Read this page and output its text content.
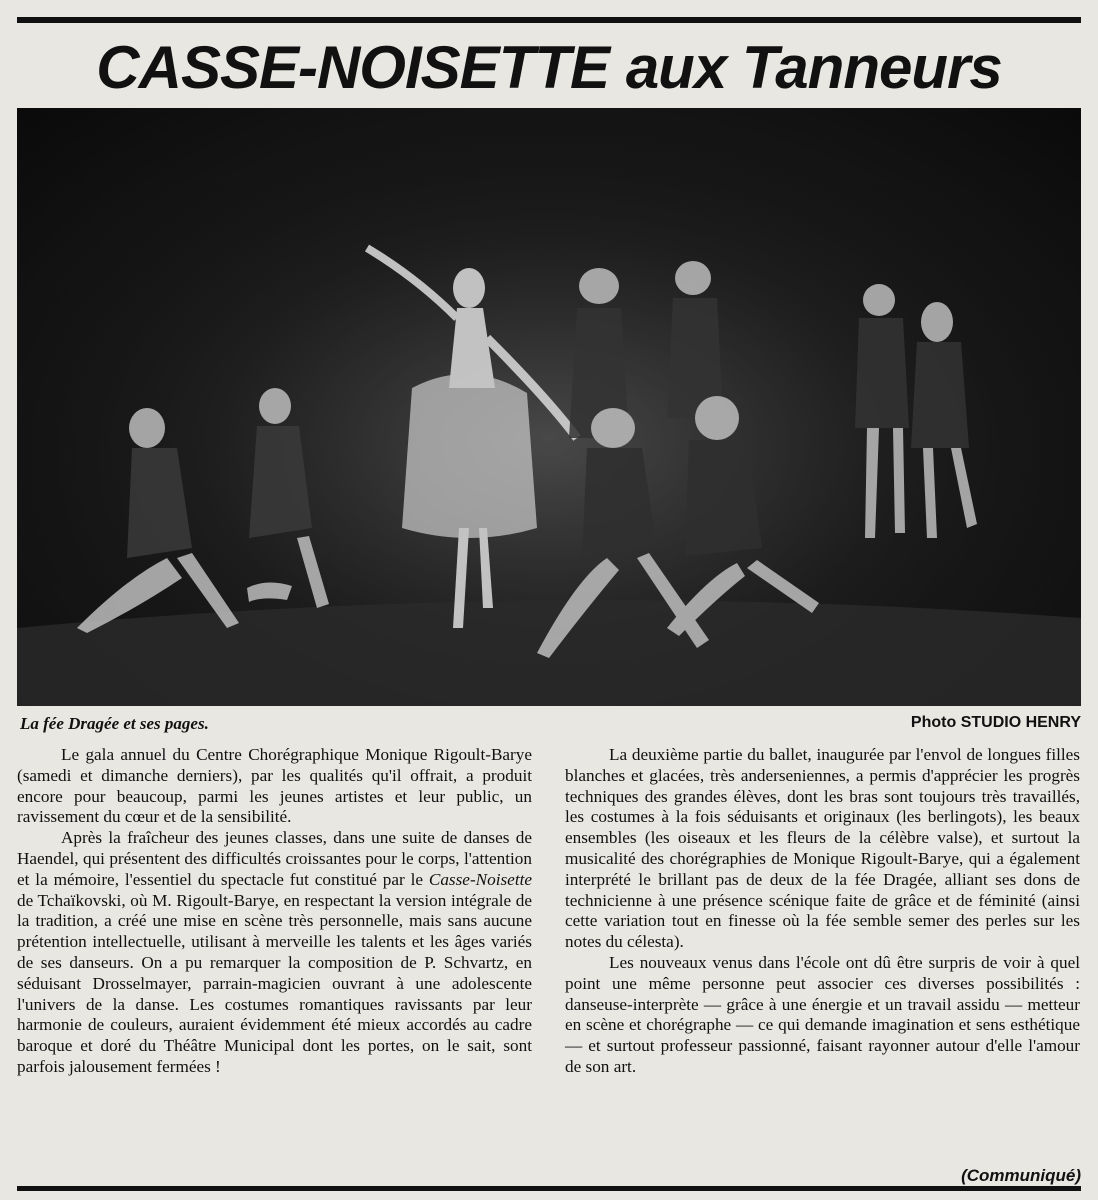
CASSE-NOISETTE aux Tanneurs
La fée Dragée et ses pages.	Photo STUDIO HENRY

Le gala annuel du Centre Chorégraphique Monique Rigoult-Barye (samedi et dimanche derniers), par les qualités qu'il offrait, a produit encore pour beaucoup, parmi les jeunes artistes et leur public, un ravissement du cœur et de la sensibilité.

Après la fraîcheur des jeunes classes, dans une suite de danses de Haendel, qui présentent des difficultés croissantes pour le corps, l'attention et la mémoire, l'essentiel du spectacle fut constitué par le Casse-Noisette de Tchaïkovski, où M. Rigoult-Barye, en respectant la version intégrale de la tradition, a créé une mise en scène très personnelle, mais sans aucune prétention intellectuelle, utilisant à merveille les talents et les âges variés de ses danseurs. On a pu remarquer la composition de P. Schvartz, en séduisant Drosselmayer, parrain-magicien ouvrant à une adolescente l'univers de la danse. Les costumes romantiques ravissants par leur harmonie de couleurs, auraient évidemment été mieux accordés au cadre baroque et doré du Théâtre Municipal dont les portes, on le sait, sont parfois jalousement fermées !

La deuxième partie du ballet, inaugurée par l'envol de longues filles blanches et glacées, très anderseniennes, a permis d'apprécier les progrès techniques des grandes élèves, dont les bras sont toujours très travaillés, les costumes à la fois séduisants et originaux (les berlingots), les beaux ensembles (les oiseaux et les fleurs de la célèbre valse), et surtout la musicalité des chorégraphies de Monique Rigoult-Barye, qui a également interprété le brillant pas de deux de la fée Dragée, alliant ses dons de technicienne à une présence scénique faite de grâce et de féminité (ainsi cette variation tout en finesse où la fée semble semer des perles sur les notes du célesta).

Les nouveaux venus dans l'école ont dû être surpris de voir à quel point une même personne peut associer ces diverses possibilités : danseuse-interprète — grâce à une énergie et un travail assidu — metteur en scène et chorégraphe — ce qui demande imagination et sens esthétique — et surtout professeur passionné, faisant rayonner autour d'elle l'amour de son art.

(Communiqué)
